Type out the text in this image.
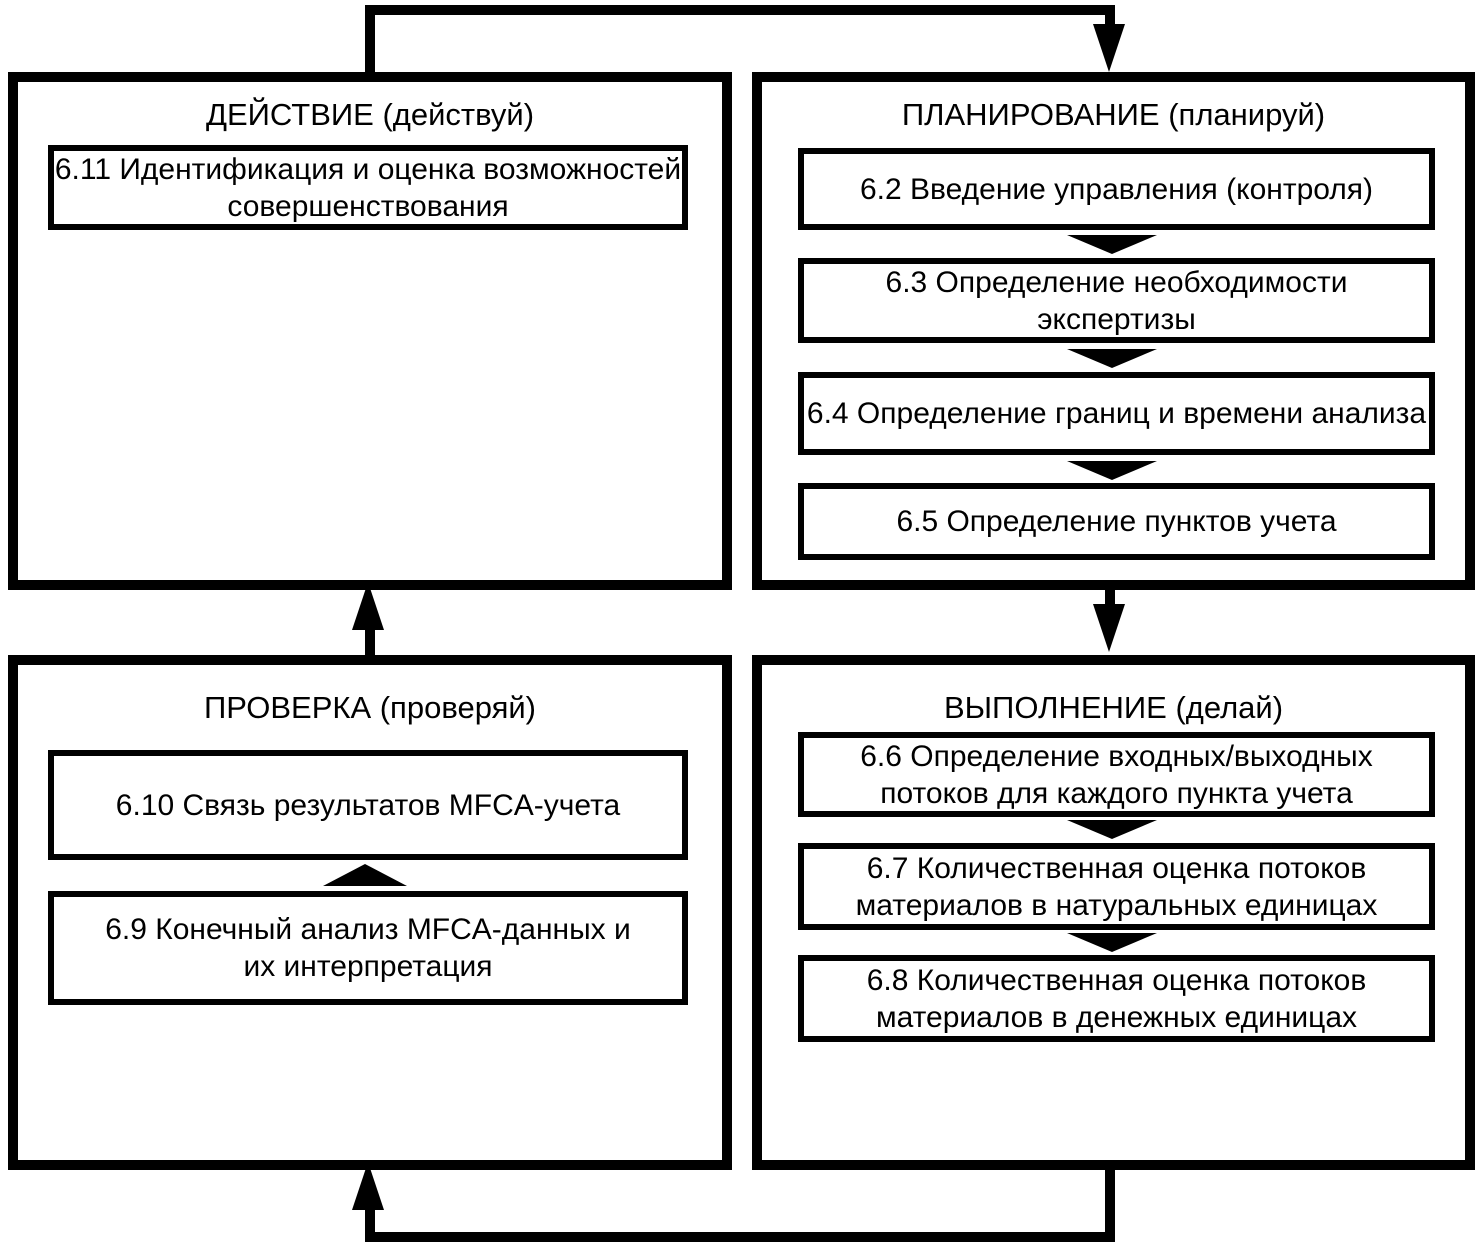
ДЕЙСТВИЕ (действуй)	ПЛАНИРОВАНИЕ (планируй)
ПРОВЕРКА (проверяй)	ВЫПОЛНЕНИЕ (делай)
6.11 Идентификация и оценка возможностей совершенствования
6.2 Введение управления (контроля)
6.3 Определение необходимости экспертизы
6.4 Определение границ и времени анализа
6.5 Определение пунктов учета
6.6 Определение входных/выходных потоков для каждого пункта учета
6.7 Количественная оценка потоков материалов в натуральных единицах
6.8 Количественная оценка потоков материалов в денежных единицах
6.10 Связь результатов MFCA-учета
6.9 Конечный анализ MFCA-данных и их интерпретация
